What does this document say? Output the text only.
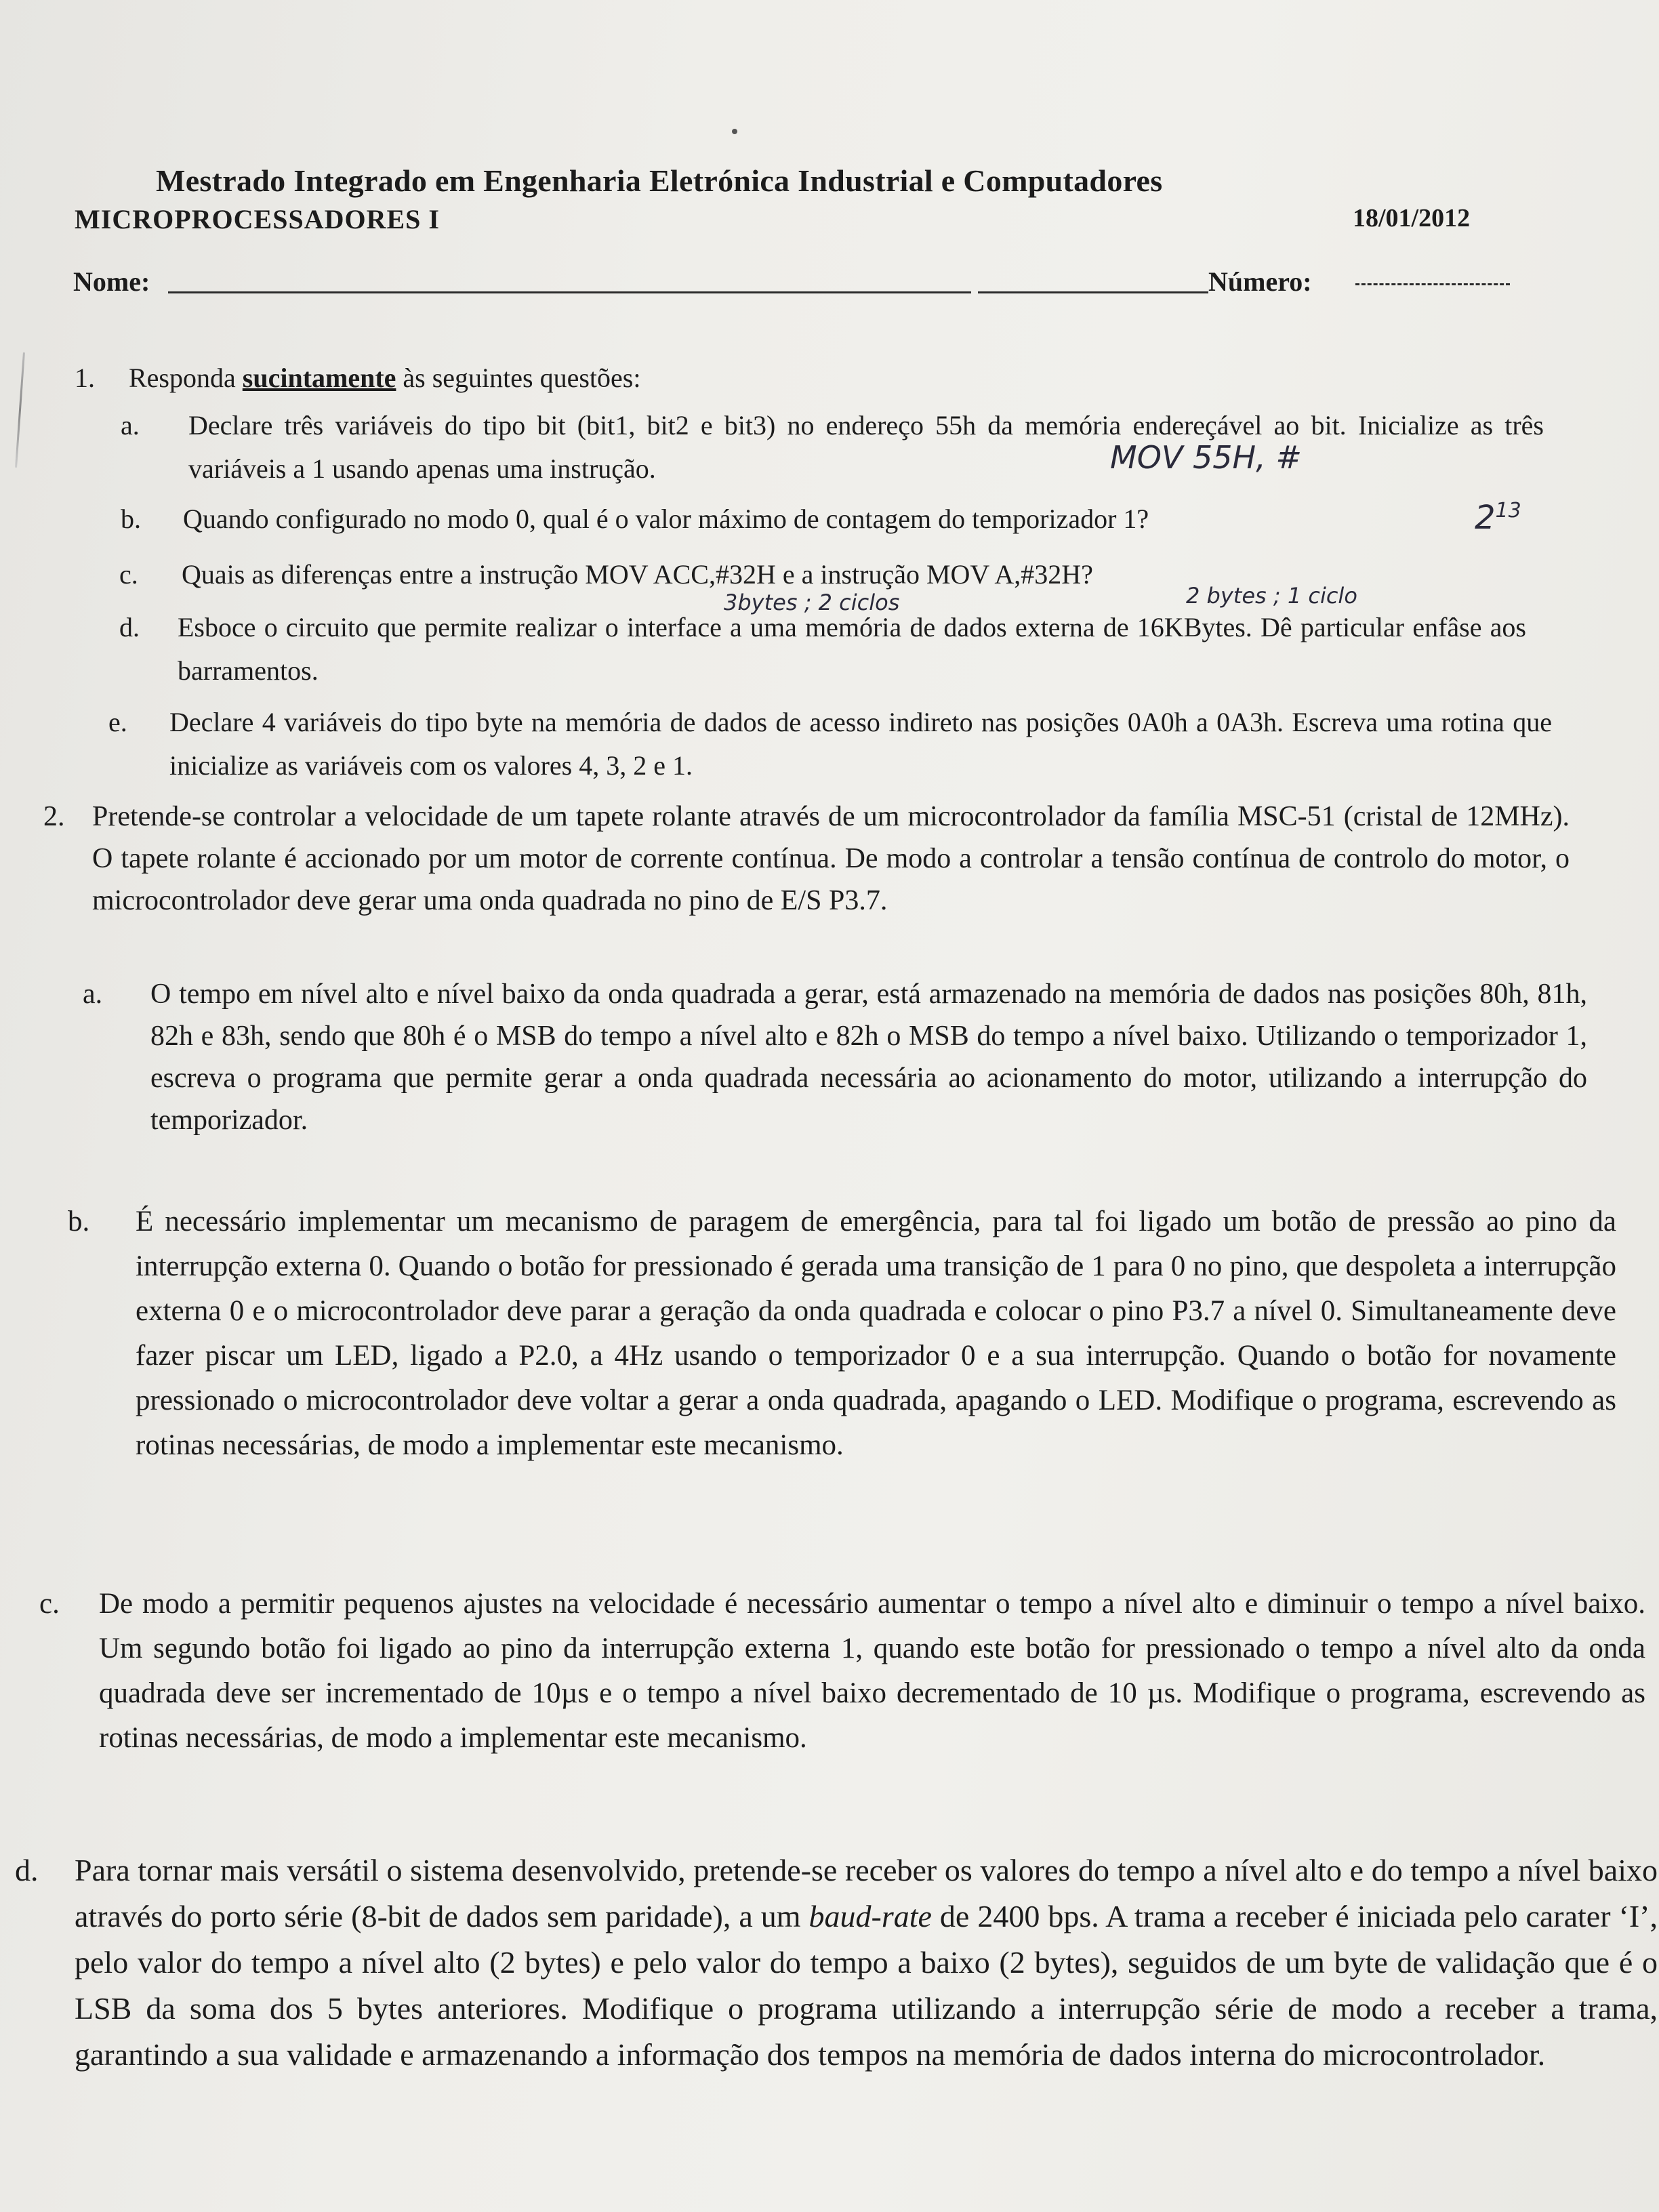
Mestrado Integrado em Engenharia Eletrónica Industrial e Computadores
MICROPROCESSADORES I	18/01/2012
Nome:	Número:
1. Responda sucintamente às seguintes questões:
a. Declare três variáveis do tipo bit (bit1, bit2 e bit3) no endereço 55h da memória endereçável ao bit. Inicialize as três variáveis a 1 usando apenas uma instrução.	MOV 55H, #
b. Quando configurado no modo 0, qual é o valor máximo de contagem do temporizador 1?	$2^{13}$
c. Quais as diferenças entre a instrução MOV ACC,#32H e a instrução MOV A,#32H?
3bytes ; 2 ciclos	2 bytes ; 1 ciclo
d. Esboce o circuito que permite realizar o interface a uma memória de dados externa de 16KBytes. Dê particular enfâse aos barramentos.
e. Declare 4 variáveis do tipo byte na memória de dados de acesso indireto nas posições 0A0h a 0A3h. Escreva uma rotina que inicialize as variáveis com os valores 4, 3, 2 e 1.
2. Pretende-se controlar a velocidade de um tapete rolante através de um microcontrolador da família MSC-51 (cristal de 12MHz). O tapete rolante é accionado por um motor de corrente contínua. De modo a controlar a tensão contínua de controlo do motor, o microcontrolador deve gerar uma onda quadrada no pino de E/S P3.7.
a. O tempo em nível alto e nível baixo da onda quadrada a gerar, está armazenado na memória de dados nas posições 80h, 81h, 82h e 83h, sendo que 80h é o MSB do tempo a nível alto e 82h o MSB do tempo a nível baixo. Utilizando o temporizador 1, escreva o programa que permite gerar a onda quadrada necessária ao acionamento do motor, utilizando a interrupção do temporizador.
b. É necessário implementar um mecanismo de paragem de emergência, para tal foi ligado um botão de pressão ao pino da interrupção externa 0. Quando o botão for pressionado é gerada uma transição de 1 para 0 no pino, que despoleta a interrupção externa 0 e o microcontrolador deve parar a geração da onda quadrada e colocar o pino P3.7 a nível 0. Simultaneamente deve fazer piscar um LED, ligado a P2.0, a 4Hz usando o temporizador 0 e a sua interrupção. Quando o botão for novamente pressionado o microcontrolador deve voltar a gerar a onda quadrada, apagando o LED. Modifique o programa, escrevendo as rotinas necessárias, de modo a implementar este mecanismo.
c. De modo a permitir pequenos ajustes na velocidade é necessário aumentar o tempo a nível alto e diminuir o tempo a nível baixo. Um segundo botão foi ligado ao pino da interrupção externa 1, quando este botão for pressionado o tempo a nível alto da onda quadrada deve ser incrementado de 10µs e o tempo a nível baixo decrementado de 10 µs. Modifique o programa, escrevendo as rotinas necessárias, de modo a implementar este mecanismo.
d. Para tornar mais versátil o sistema desenvolvido, pretende-se receber os valores do tempo a nível alto e do tempo a nível baixo através do porto série (8-bit de dados sem paridade), a um baud-rate de 2400 bps. A trama a receber é iniciada pelo carater ‘I’, pelo valor do tempo a nível alto (2 bytes) e pelo valor do tempo a baixo (2 bytes), seguidos de um byte de validação que é o LSB da soma dos 5 bytes anteriores. Modifique o programa utilizando a interrupção série de modo a receber a trama, garantindo a sua validade e armazenando a informação dos tempos na memória de dados interna do microcontrolador.
